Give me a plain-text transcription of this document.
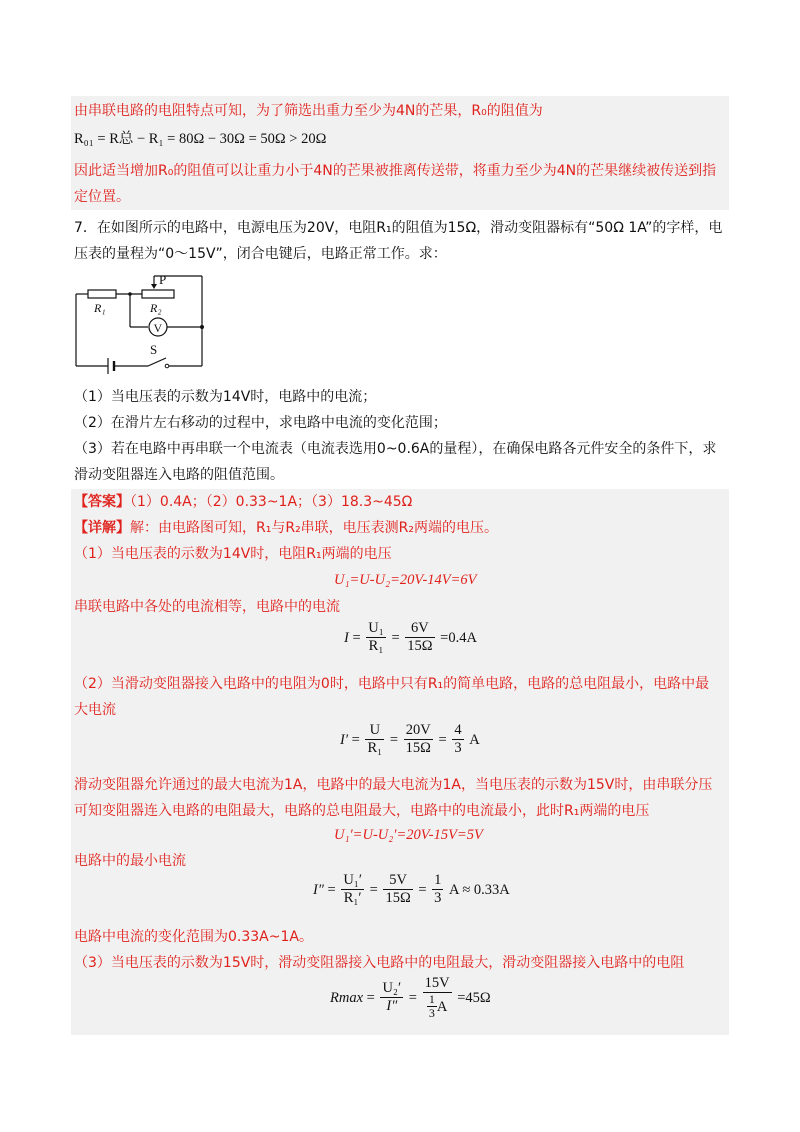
由串联电路的电阻特点可知，为了筛选出重力至少为4N的芒果，R₀的阻值为
R₀₁ = R总 − R₁ = 80Ω − 30Ω = 50Ω > 20Ω
因此适当增加R₀的阻值可以让重力小于4N的芒果被推离传送带，将重力至少为4N的芒果继续被传送到指
定位置。
7．在如图所示的电路中，电源电压为20V，电阻R₁的阻值为15Ω，滑动变阻器标有“50Ω 1A”的字样，电
压表的量程为“0～15V”，闭合电键后，电路正常工作。求：
P
R₁	R₂
V
S
（1）当电压表的示数为14V时，电路中的电流；
（2）在滑片左右移动的过程中，求电路中电流的变化范围；
（3）若在电路中再串联一个电流表（电流表选用0~0.6A的量程），在确保电路各元件安全的条件下，求
滑动变阻器连入电路的阻值范围。
【答案】（1）0.4A；（2）0.33~1A；（3）18.3~45Ω
【详解】解：由电路图可知，R₁与R₂串联，电压表测R₂两端的电压。
（1）当电压表的示数为14V时，电阻R₁两端的电压
U₁=U-U₂=20V-14V=6V
串联电路中各处的电流相等，电路中的电流
$I = \frac{\text{U₁}}{\text{R₁}} = \frac{6V}{15\Omega} =0.4A$
（2）当滑动变阻器接入电路中的电阻为0时，电路中只有R₁的简单电路，电路的总电阻最小，电路中最
大电流
$I' = \frac{U}{\text{R₁}} = \frac{20V}{15\Omega} = \frac{4}{3}$ A
滑动变阻器允许通过的最大电流为1A，电路中的最大电流为1A，当电压表的示数为15V时，由串联分压
可知变阻器连入电路的电阻最大，电路的总电阻最大，电路中的电流最小，此时R₁两端的电压
U₁′=U-U₂′=20V-15V=5V
电路中的最小电流
$I'' = \frac{\text{U₁′}}{\text{R₁′}} = \frac{5V}{15\Omega} = \frac{1}{3}$ A ≈ 0.33A
电路中电流的变化范围为0.33A~1A。
（3）当电压表的示数为15V时，滑动变阻器接入电路中的电阻最大，滑动变阻器接入电路中的电阻
$Rmax = \frac{\text{U₂′}}{I''} = \frac{15V}{\frac{1}{3} A} =45\Omega$
